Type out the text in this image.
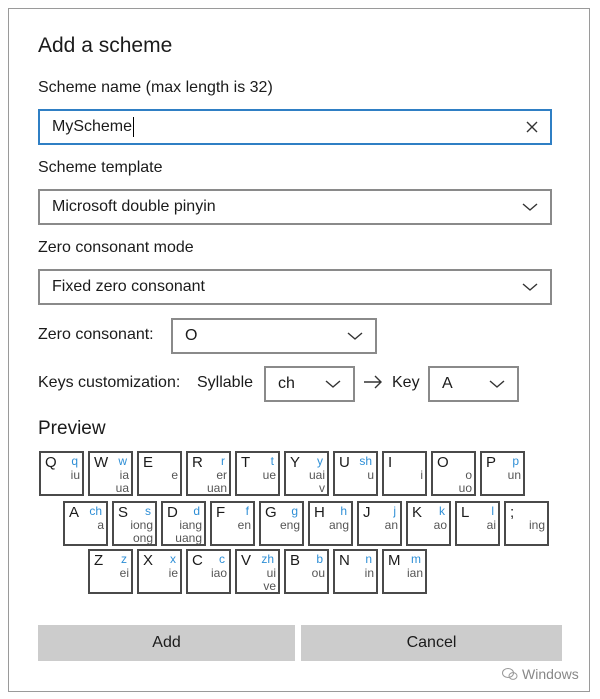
Add a scheme
Scheme name (max length is 32)
MyScheme
Scheme template
Microsoft double pinyin
Zero consonant mode
Fixed zero consonant
Zero consonant: O
Keys customization: Syllable ch	Key A
Preview
Q q
iu
W w
ia
ua
E
e
R r
er
uan
T t
ue
Y y
uai
v
U sh
u
I
i
O
o
uo
P p
un
A ch
a
S s
iong
ong
D d
iang
uang
F f
en
G g
eng
H h
ang
J j
an
K k
ao
L l
ai
;
ing
Z z
ei
X x
ie
C c
iao
V zh
ui
ve
B b
ou
N n
in
M m
ian
Add	Cancel
Windows
